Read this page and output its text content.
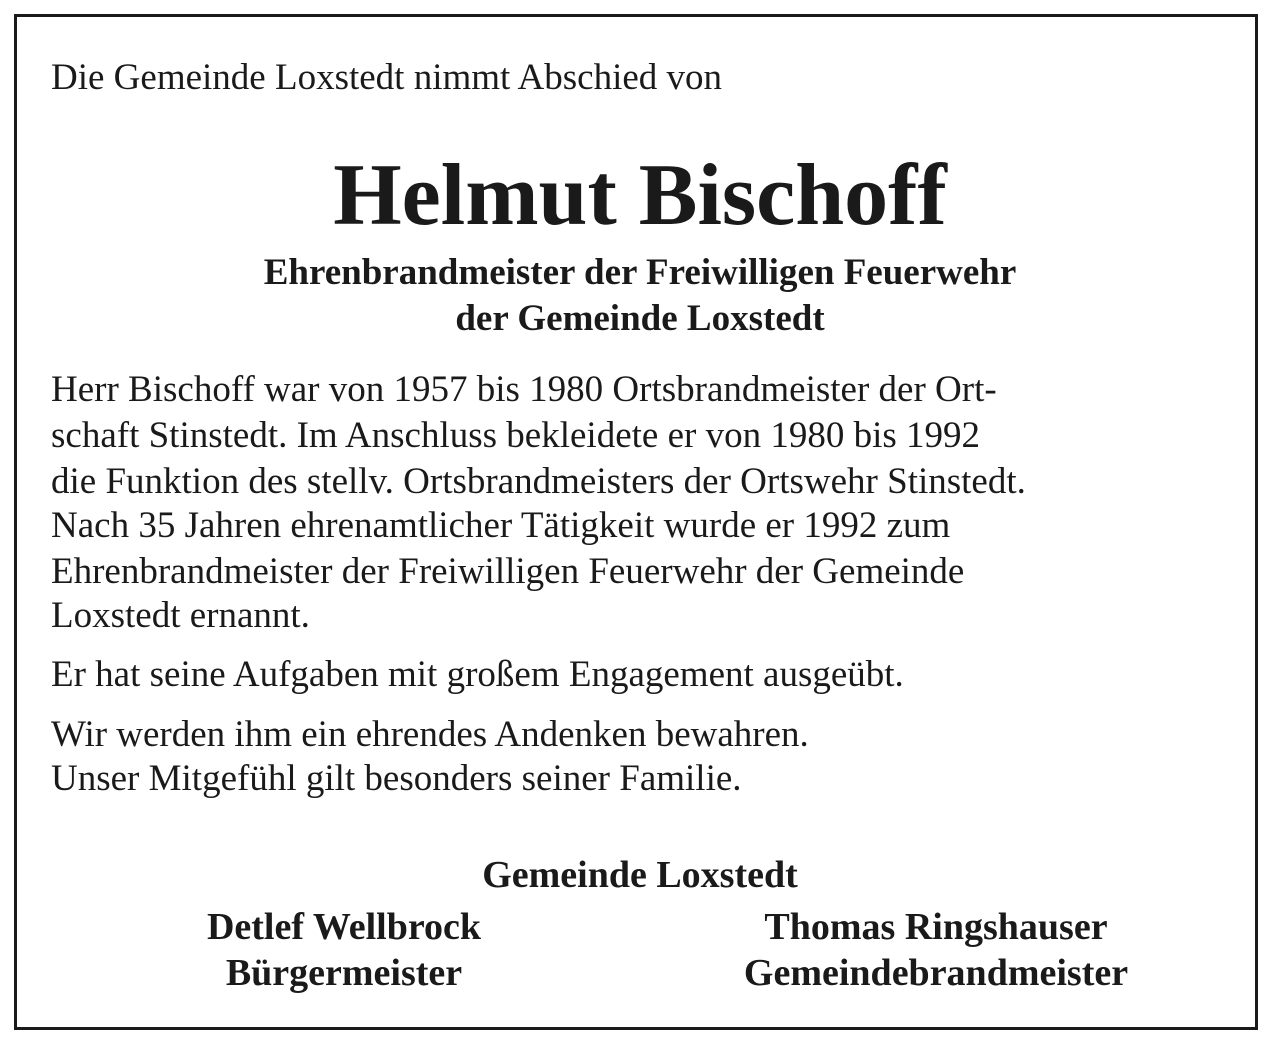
Die Gemeinde Loxstedt nimmt Abschied von

Helmut Bischoff

Ehrenbrandmeister der Freiwilligen Feuerwehr

der Gemeinde Loxstedt

Herr Bischoff war von 1957 bis 1980 Ortsbrandmeister der Ort-

schaft Stinstedt. Im Anschluss bekleidete er von 1980 bis 1992

die Funktion des stellv. Ortsbrandmeisters der Ortswehr Stinstedt.

Nach 35 Jahren ehrenamtlicher Tätigkeit wurde er 1992 zum

Ehrenbrandmeister der Freiwilligen Feuerwehr der Gemeinde

Loxstedt ernannt.

Er hat seine Aufgaben mit großem Engagement ausgeübt.

Wir werden ihm ein ehrendes Andenken bewahren.

Unser Mitgefühl gilt besonders seiner Familie.

Gemeinde Loxstedt

Detlef Wellbrock
Bürgermeister
Thomas Ringshauser
Gemeindebrandmeister
